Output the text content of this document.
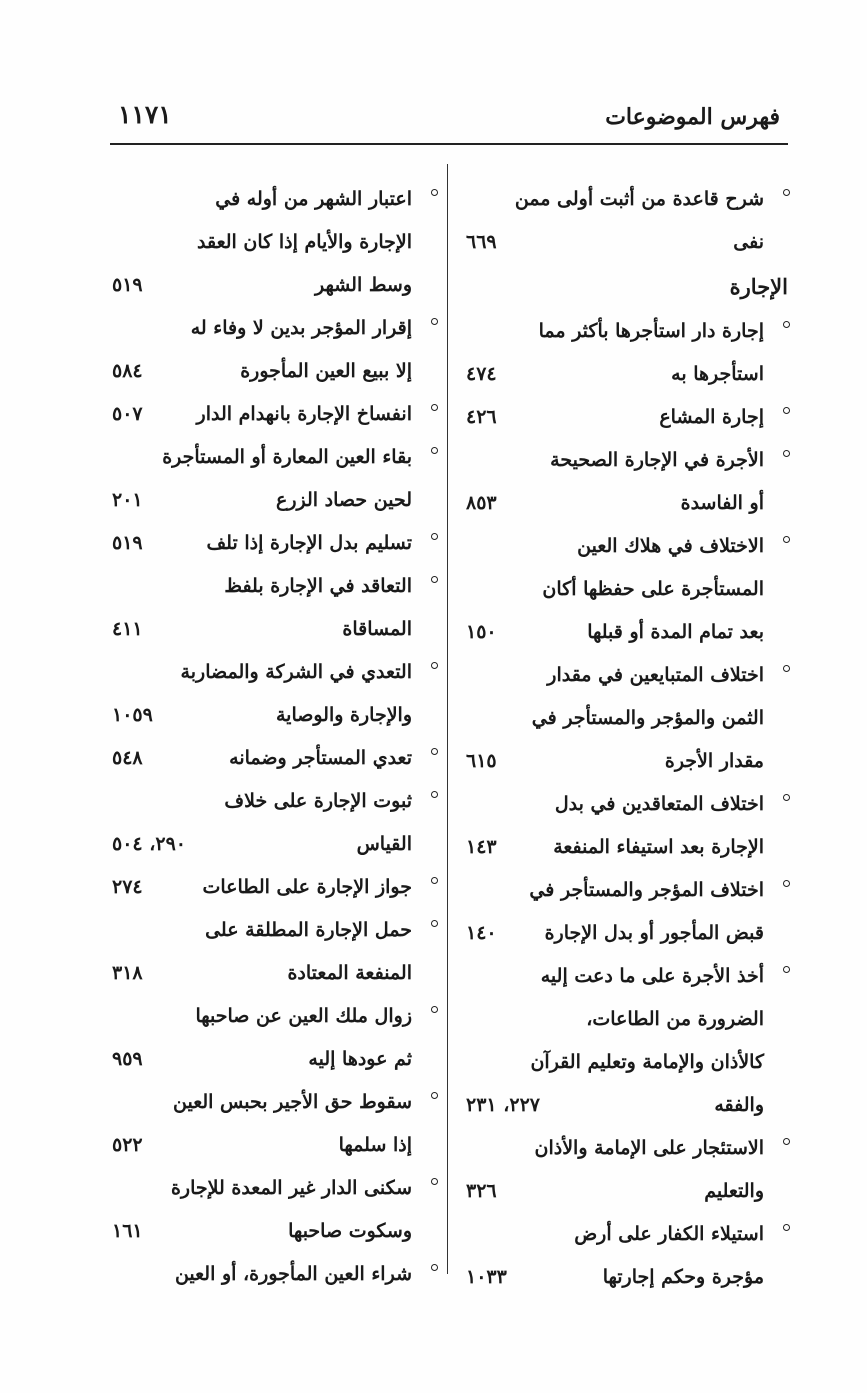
فهرس الموضوعات
١١٧١
شرح قاعدة من أثبت أولى ممن
نفى
٦٦٩
الإجارة
إجارة دار استأجرها بأكثر مما
استأجرها به
٤٧٤
إجارة المشاع
٤٢٦
الأجرة في الإجارة الصحيحة
أو الفاسدة
٨٥٣
الاختلاف في هلاك العين
المستأجرة على حفظها أكان
بعد تمام المدة أو قبلها
١٥٠
اختلاف المتبايعين في مقدار
الثمن والمؤجر والمستأجر في
مقدار الأجرة
٦١٥
اختلاف المتعاقدين في بدل
الإجارة بعد استيفاء المنفعة
١٤٣
اختلاف المؤجر والمستأجر في
قبض المأجور أو بدل الإجارة
١٤٠
أخذ الأجرة على ما دعت إليه
الضرورة من الطاعات،
كالأذان والإمامة وتعليم القرآن
والفقه
٢٢٧، ٢٣١
الاستئجار على الإمامة والأذان
والتعليم
٣٢٦
استيلاء الكفار على أرض
مؤجرة وحكم إجارتها
١٠٣٣
اعتبار الشهر من أوله في
الإجارة والأيام إذا كان العقد
وسط الشهر
٥١٩
إقرار المؤجر بدين لا وفاء له
إلا ببيع العين المأجورة
٥٨٤
انفساخ الإجارة بانهدام الدار
٥٠٧
بقاء العين المعارة أو المستأجرة
لحين حصاد الزرع
٢٠١
تسليم بدل الإجارة إذا تلف
٥١٩
التعاقد في الإجارة بلفظ
المساقاة
٤١١
التعدي في الشركة والمضاربة
والإجارة والوصاية
١٠٥٩
تعدي المستأجر وضمانه
٥٤٨
ثبوت الإجارة على خلاف
القياس
٢٩٠، ٥٠٤
جواز الإجارة على الطاعات
٢٧٤
حمل الإجارة المطلقة على
المنفعة المعتادة
٣١٨
زوال ملك العين عن صاحبها
ثم عودها إليه
٩٥٩
سقوط حق الأجير بحبس العين
إذا سلمها
٥٢٢
سكنى الدار غير المعدة للإجارة
وسكوت صاحبها
١٦١
شراء العين المأجورة، أو العين
